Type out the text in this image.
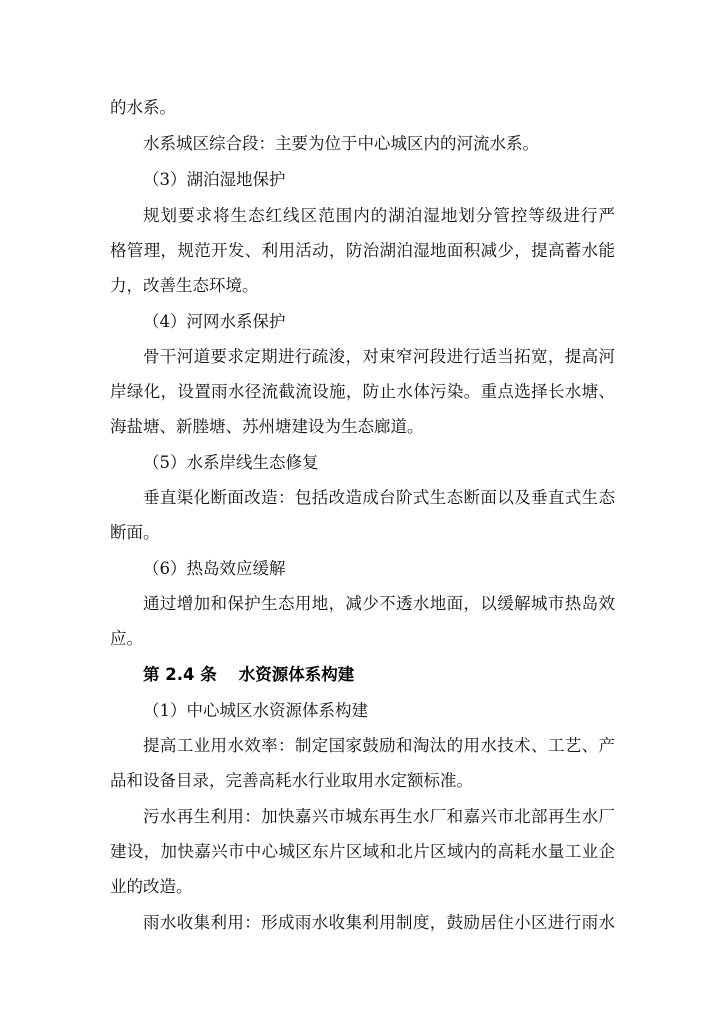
的水系。
水系城区综合段：主要为位于中心城区内的河流水系。
（3）湖泊湿地保护
规划要求将生态红线区范围内的湖泊湿地划分管控等级进行严
格管理，规范开发、利用活动，防治湖泊湿地面积减少，提高蓄水能
力，改善生态环境。
（4）河网水系保护
骨干河道要求定期进行疏浚，对束窄河段进行适当拓宽，提高河
岸绿化，设置雨水径流截流设施，防止水体污染。重点选择长水塘、
海盐塘、新塍塘、苏州塘建设为生态廊道。
（5）水系岸线生态修复
垂直渠化断面改造：包括改造成台阶式生态断面以及垂直式生态
断面。
（6）热岛效应缓解
通过增加和保护生态用地，减少不透水地面，以缓解城市热岛效
应。
第 2.4 条 水资源体系构建
（1）中心城区水资源体系构建
提高工业用水效率：制定国家鼓励和淘汰的用水技术、工艺、产
品和设备目录，完善高耗水行业取用水定额标准。
污水再生利用：加快嘉兴市城东再生水厂和嘉兴市北部再生水厂
建设，加快嘉兴市中心城区东片区域和北片区域内的高耗水量工业企
业的改造。
雨水收集利用：形成雨水收集利用制度，鼓励居住小区进行雨水
